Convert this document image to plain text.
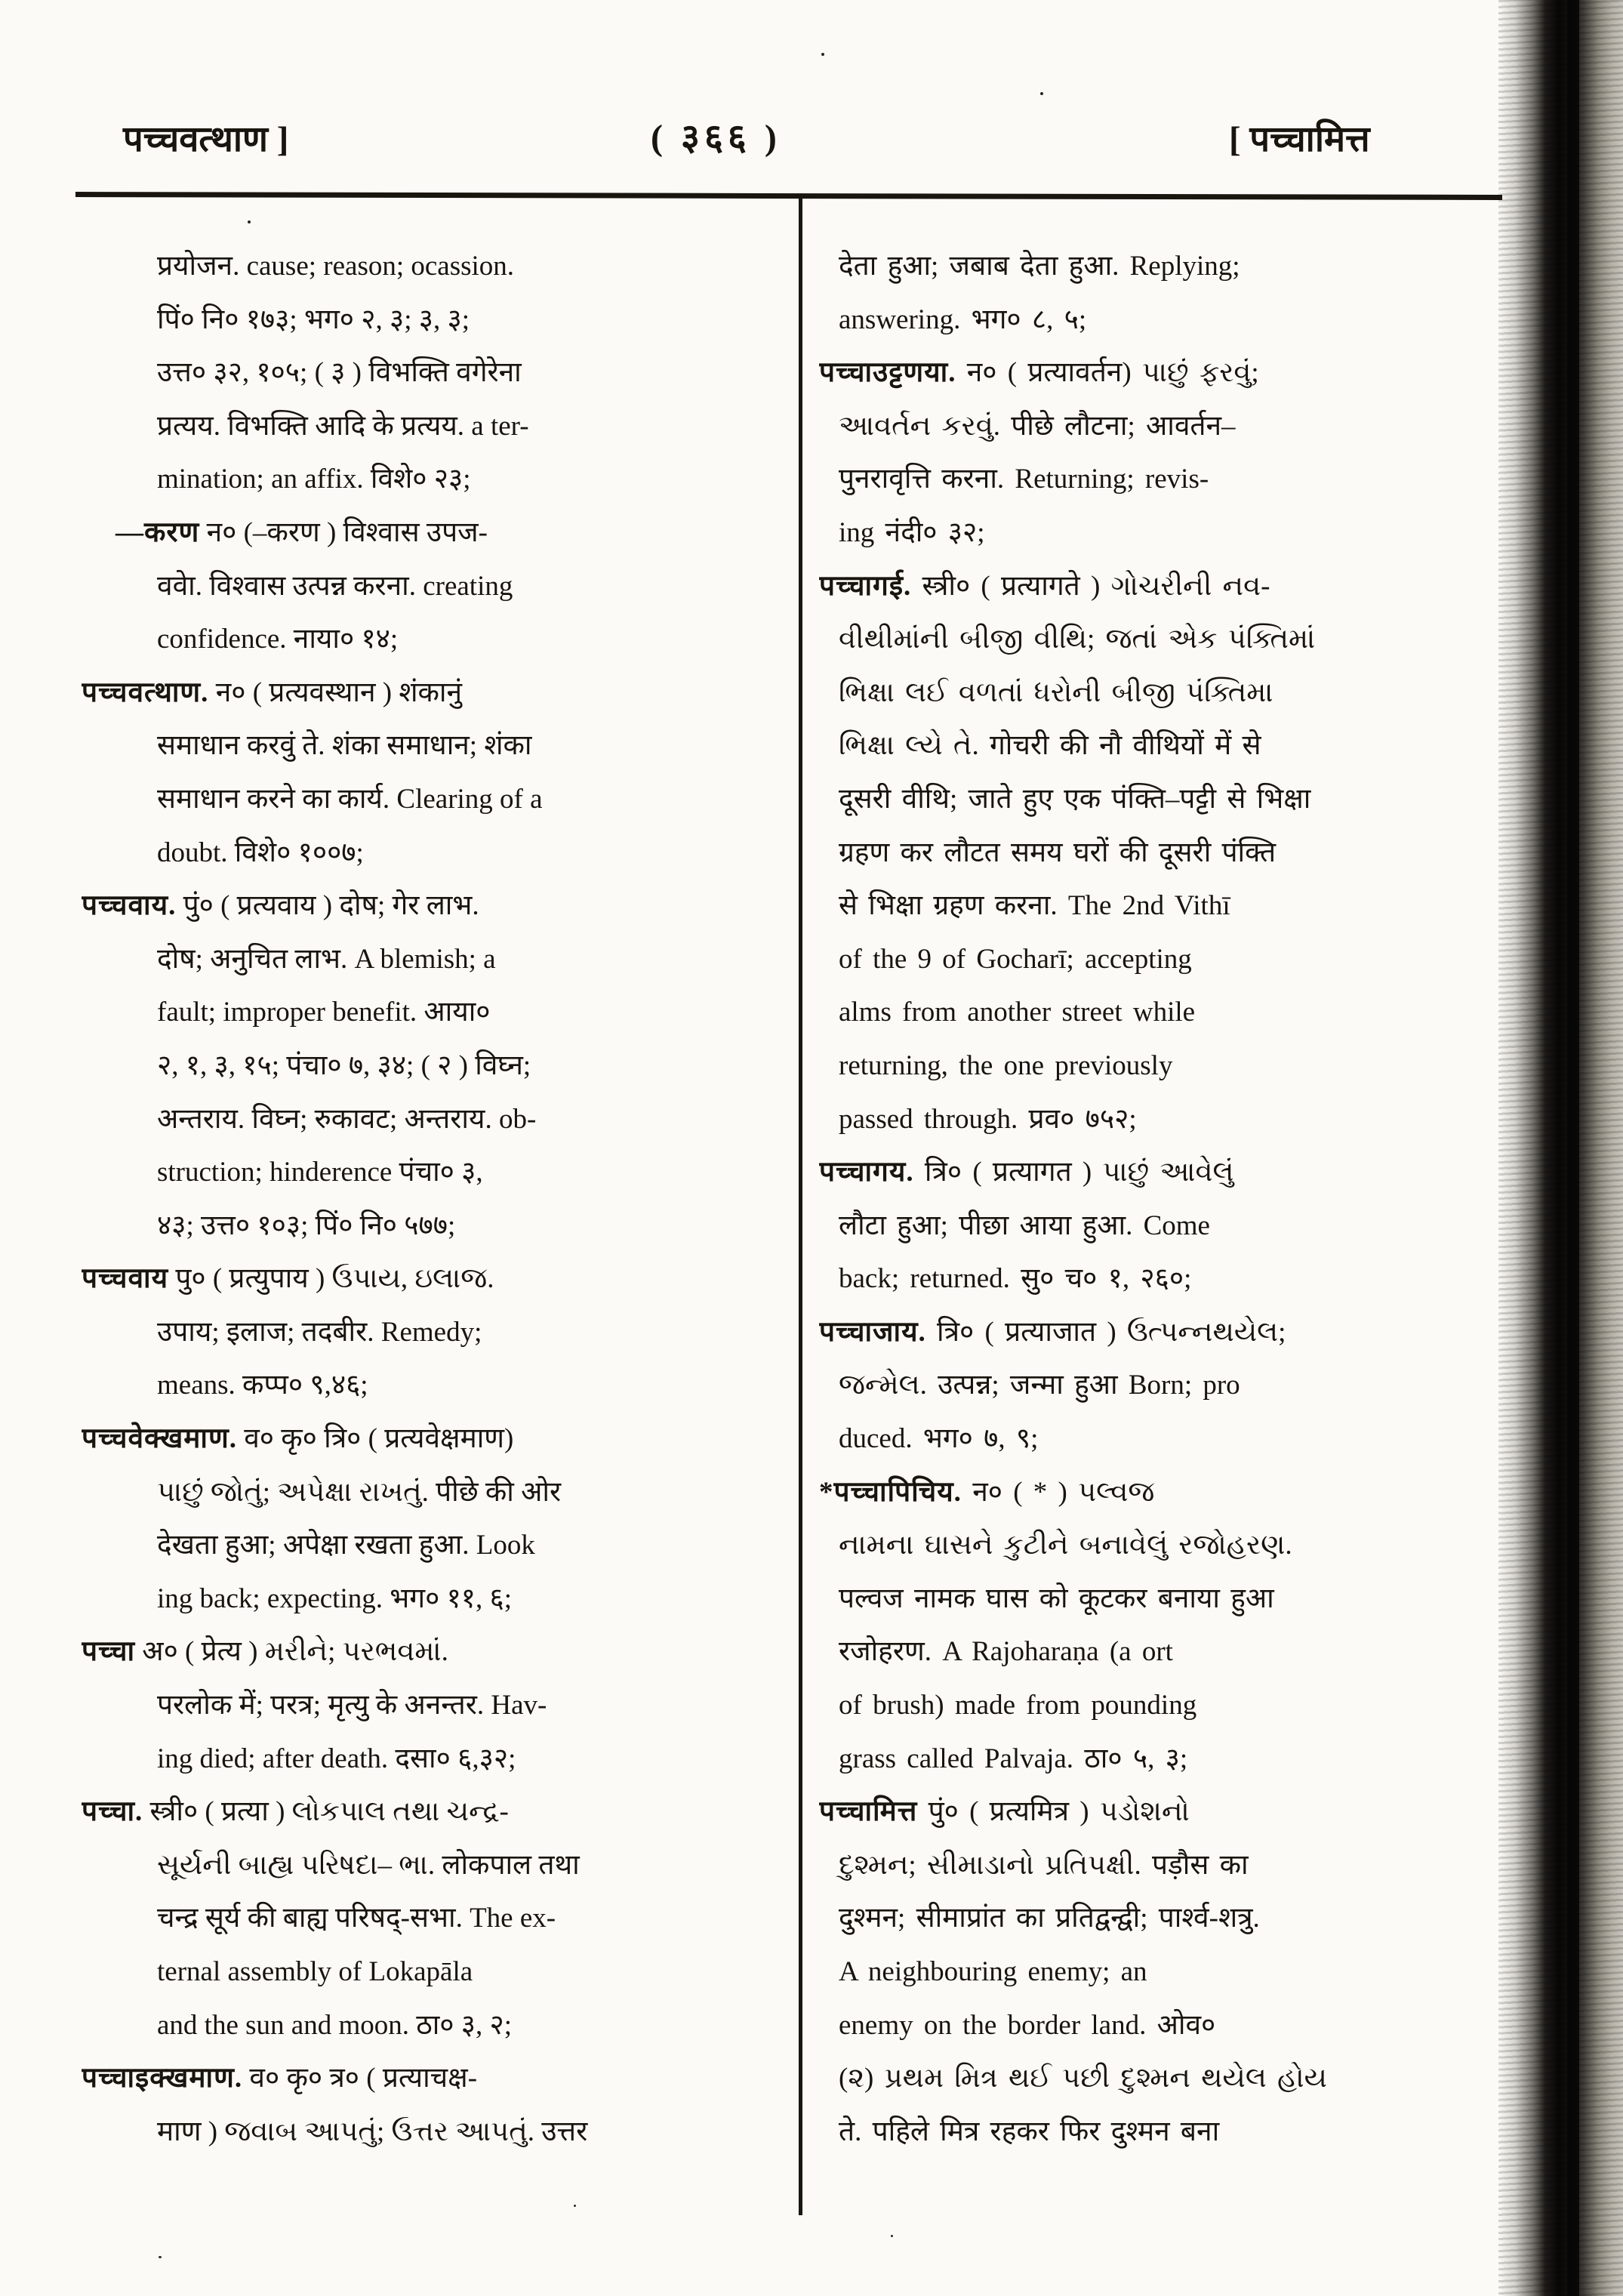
पच्चवत्थाण ]	( ३६६ )	[ पच्चामित्त
प्रयोजन. cause; reason; ocassion.
पिं० नि० १७३; भग० २, ३; ३, ३;
उत्त० ३२, १०५; ( ३ ) विभक्ति वगेरेना
प्रत्यय. विभक्ति आदि के प्रत्यय. a ter-
mination; an affix. विशे० २३;
—करण न० (–करण ) विश्वास उपज-
ववेा. विश्वास उत्पन्न करना. creating
confidence. नाया० १४;
पच्चवत्थाण. न० ( प्रत्यवस्थान ) शंकानुं
समाधान करवुं ते. शंका समाधान; शंका
समाधान करने का कार्य. Clearing of a
doubt. विशे० १००७;
पच्चवाय. पुं० ( प्रत्यवाय ) दोष; गेर लाभ.
दोष; अनुचित लाभ. A blemish; a
fault; improper benefit. आया०
२, १, ३, १५; पंचा० ७, ३४; ( २ ) विघ्न;
अन्तराय. विघ्न; रुकावट; अन्तराय. ob-
struction; hinderence पंचा० ३,
४३; उत्त० १०३; पिं० नि० ५७७;
पच्चवाय पु० ( प्रत्युपाय ) ઉપાય, ઇલાજ.
उपाय; इलाज; तदबीर. Remedy;
means. कप्प० ९,४६;
पच्चवेक्खमाण. व० कृ० त्रि० ( प्रत्यवेक्षमाण)
પાછું જોતું; અપેક્ષા રાખતું. पीछे की ओर
देखता हुआ; अपेक्षा रखता हुआ. Look
ing back; expecting. भग० ११, ६;
पच्चा अ० ( प्रेत्य ) મરીને; પરભવમાં.
परलोक में; परत्र; मृत्यु के अनन्तर. Hav-
ing died; after death. दसा० ६,३२;
पच्चा. स्त्री० ( प्रत्या ) લોકપાલ તથા ચન્દ્ર-
સૂર્યની બાહ્ય પરિષદા– ભા. लोकपाल तथा
चन्द्र सूर्य की बाह्य परिषद्-सभा. The ex-
ternal assembly of Lokapāla
and the sun and moon. ठा० ३, २;
पच्चाइक्खमाण. व० कृ० त्र० ( प्रत्याचक्ष-
माण ) જવાબ આપતું; ઉત્તર આપતું. उत्तर
देता हुआ; जबाब देता हुआ. Replying;
answering. भग० ८, ५;
पच्चाउट्टणया. न० ( प्रत्यावर्तन) પાછું ફરવું;
આવર્તન કરવું. पीछे लौटना; आवर्तन–
पुनरावृत्ति करना. Returning; revis-
ing नंदी० ३२;
पच्चागई. स्त्री० ( प्रत्यागते ) ગોચરીની નવ-
વીથીમાંની બીજી વીથિ; જતાં એક પંક્તિમાં
ભિક્ષા લઈ વળતાં ધરોની બીજી પંક્તિમા
ભિક્ષા લ્યે તે. गोचरी की नौ वीथियों में से
दूसरी वीथि; जाते हुए एक पंक्ति–पट्टी से भिक्षा
ग्रहण कर लौटत समय घरों की दूसरी पंक्ति
से भिक्षा ग्रहण करना. The 2nd Vithī
of the 9 of Gocharī; accepting
alms from another street while
returning, the one previously
passed through. प्रव० ७५२;
पच्चागय. त्रि० ( प्रत्यागत ) પાછું આવેલું
लौटा हुआ; पीछा आया हुआ. Come
back; returned. सु० च० १, २६०;
पच्चाजाय. त्रि० ( प्रत्याजात ) ઉત્પન્નથયેલ;
જન્મેલ. उत्पन्न; जन्मा हुआ Born; pro
duced. भग० ७, ९;
*पच्चापिचिय. न० ( * ) પલ્વજ
નામના ઘાસને કુટીને બનાવેલું રજોહરણ.
पल्वज नामक घास को कूटकर बनाया हुआ
रजोहरण. A Rajoharaṇa (a ort
of brush) made from pounding
grass called Palvaja. ठा० ५, ३;
पच्चामित्त पुं० ( प्रत्यमित्र ) પડોશનો
દુશ્મન; સીમાડાનો પ્રતિપક્ષી. पड़ौस का
दुश्मन; सीमाप्रांत का प्रतिद्वन्द्वी; पार्श्व-शत्रु.
A neighbouring enemy; an
enemy on the border land. ओव०
(૨) પ્રથમ મિત્ર થઈ પછી દુશ્મન થયેલ હોય
ते. पहिले मित्र रहकर फिर दुश्मन बना
